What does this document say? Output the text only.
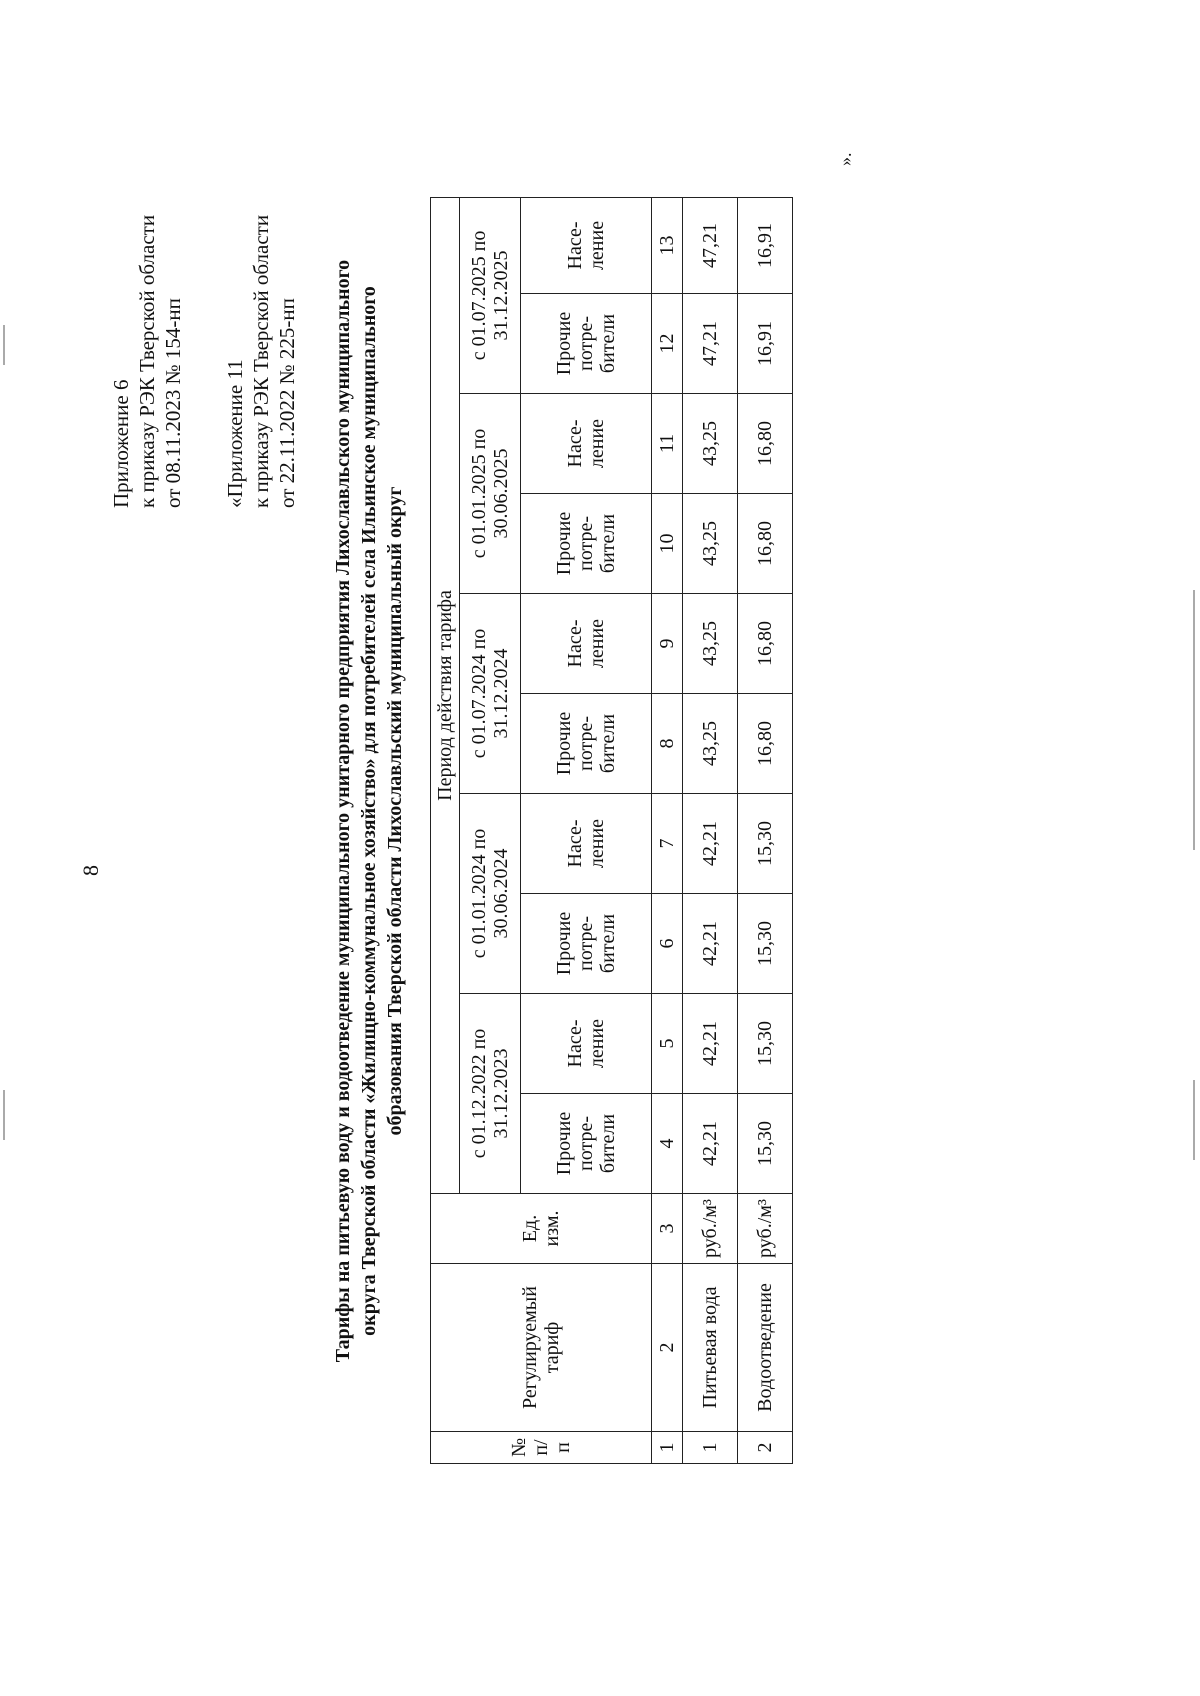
8
Приложение 6 к приказу РЭК Тверской области от 08.11.2023 № 154-нп «Приложение 11 к приказу РЭК Тверской области от 22.11.2022 № 225-нп Тарифы на питьевую воду и водоотведение муниципального унитарного предприятия Лихославльского муниципального округа Тверской области «Жилищно-коммунальное хозяйство» для потребителей села Ильинское муниципального образования Тверской области Лихославльский муниципальный округ
№ п/п	Регулируемый тариф	Ед. изм.	Период действия тарифа									
			с 01.12.2022 по 31.12.2023		с 01.01.2024 по 30.06.2024		с 01.07.2024 по 31.12.2024		с 01.01.2025 по 30.06.2025		с 01.07.2025 по 31.12.2025	
			Прочие потре-бители	Насе-ление	Прочие потре-бители	Насе-ление	Прочие потре-бители	Насе-ление	Прочие потре-бители	Насе-ление	Прочие потре-бители	Насе-ление
1	2	3	4	5	6	7	8	9	10	11	12	13
1	Питьевая вода	руб./м³	42,21	42,21	42,21	42,21	43,25	43,25	43,25	43,25	47,21	47,21
2	Водоотведение	руб./м³	15,30	15,30	15,30	15,30	16,80	16,80	16,80	16,80	16,91	16,91
».
